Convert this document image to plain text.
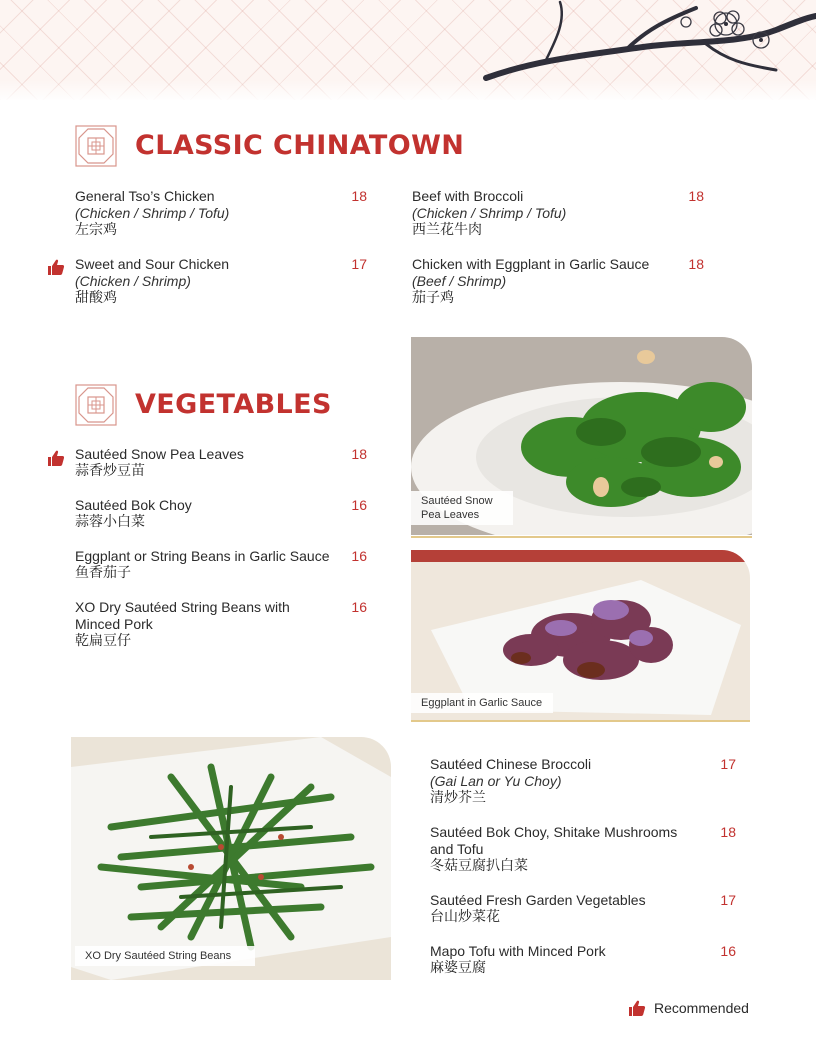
CLASSIC CHINATOWN
General Tso’s Chicken
(Chicken / Shrimp / Tofu)
左宗鸡
18	Beef with Broccoli
(Chicken / Shrimp / Tofu)
西兰花牛肉
18
Sweet and Sour Chicken
(Chicken / Shrimp)
甜酸鸡
17	Chicken with Eggplant in Garlic Sauce
(Beef / Shrimp)
茄子鸡
18
VEGETABLES
Sautéed Snow Pea Leaves
蒜香炒豆苗
18
Sautéed Bok Choy
蒜蓉小白菜
16
Eggplant or String Beans in Garlic Sauce
鱼香茄子
16
XO Dry Sautéed String Beans with Minced Pork
乾扁豆仔
16
Sautéed Snow Pea Leaves
Eggplant in Garlic Sauce
XO Dry Sautéed String Beans
Sautéed Chinese Broccoli
(Gai Lan or Yu Choy)
清炒芥兰
17
Sautéed Bok Choy, Shitake Mushrooms and Tofu
冬菇豆腐扒白菜
18
Sautéed Fresh Garden Vegetables
台山炒菜花
17
Mapo Tofu with Minced Pork
麻婆豆腐
16
Recommended
